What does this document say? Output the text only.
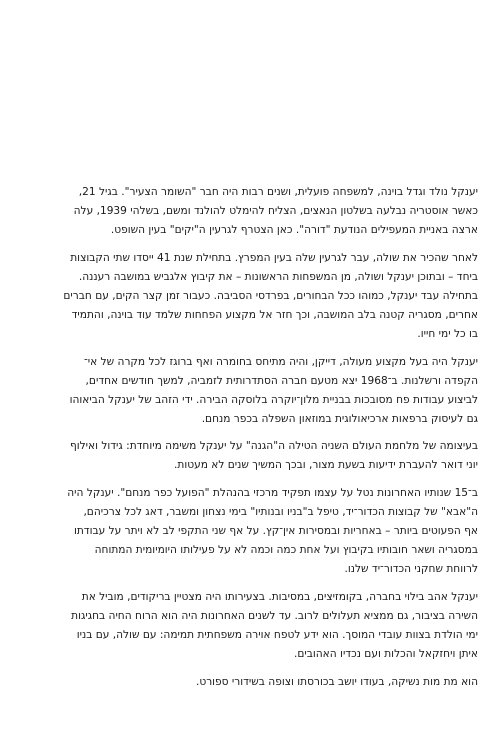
יענקל נולד וגדל בוינה, למשפחה פועלית, ושנים רבות היה חבר "השומר הצעיר". בגיל 21,
כאשר אוסטריה נבלעה בשלטון הנאצים, הצליח להימלט להולנד ומשם, בשלהי 1939, עלה
ארצה באניית המעפילים הנודעת "דורה". כאן הצטרף לגרעין ה"יקים" בעין השופט.
לאחר שהכיר את שולה, עבר לגרעין שלה בעין המפרץ. בתחילת שנת 41 ייסדו שתי הקבוצות
ביחד – ובתוכן יענקל ושולה, מן המשפחות הראשונות – את קיבוץ אלגביש במושבה רעננה.
בתחילה עבד יענקל, כמוהו ככל הבחורים, בפרדסי הסביבה. כעבור זמן קצר הקים, עם חברים
אחרים, מסגריה קטנה בלב המושבה, וכך חזר אל מקצוע הפחחות שלמד עוד בוינה, והתמיד
בו כל ימי חייו.
יענקל היה בעל מקצוע מעולה, דייקן, והיה מתיחס בחומרה ואף ברוגז לכל מקרה של אי־
הקפדה ורשלנות. ב־1968 יצא מטעם חברה הסתדרותית לזמביה, למשך חודשים אחדים,
לביצוע עבודות פח מסובכות בבניית מלון־יוקרה בלוסקה הבירה. ידי הזהב של יענקל הביאוהו
גם לעיסוק ברפאות ארכיאולוגית במוזאון השפלה בכפר מנחם.
בעיצומה של מלחמת העולם השניה הטילה ה"הגנה" על יענקל משימה מיוחדת: גידול ואילוף
יוני דואר להעברת ידיעות בשעת מצור, ובכך המשיך שנים לא מעטות.
ב־15 שנותיו האחרונות נטל על עצמו תפקיד מרכזי בהנהלת "הפועל כפר מנחם". יענקל היה
ה"אבא" של קבוצות הכדור־יד, טיפל ב"בניו ובנותיו" בימי נצחון ומשבר, דאג לכל צרכיהם,
אף הפעוטים ביותר – באחריות ובמסירות אין־קץ. על אף שני התקפי לב לא ויתר על עבודתו
במסגריה ושאר חובותיו בקיבוץ ועל אחת כמה וכמה לא על פעילותו היומיומית המתוחה
לרווחת שחקני הכדור־יד שלנו.
יענקל אהב בילוי בחברה, בקומזיצים, במסיבות. בצעירותו היה מצטיין בריקודים, מוביל את
השירה בציבור, גם ממציא תעלולים לרוב. עד לשנים האחרונות היה הוא הרוח החיה בחגיגות
ימי הולדת בצוות עובדי המוסך. הוא ידע לטפח אוירה משפחתית תמימה: עם שולה, עם בניו
איתן ויחזקאל והכלות ועם נכדיו האהובים.
הוא מת מות נשיקה, בעודו יושב בכורסתו וצופה בשידורי ספורט.
